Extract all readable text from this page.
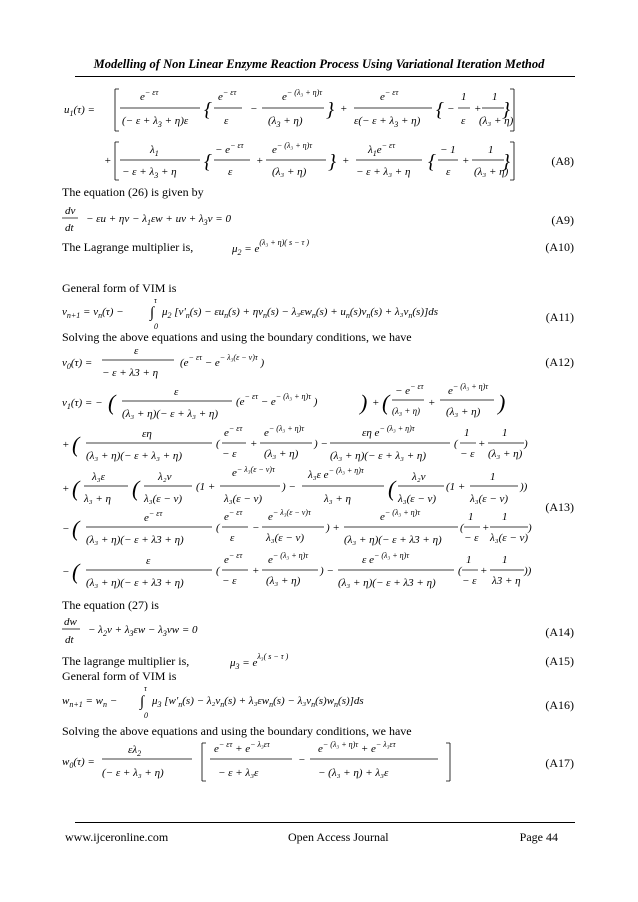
Modelling of Non Linear Enzyme Reaction Process Using Variational Iteration Method
$u_1(\tau)$ =
$e^{- \varepsilon\tau}$
(− $\varepsilon + \lambda_3 + \eta)\varepsilon$ {
$e^{- \varepsilon\tau}$
ε
−
$e^{- (\lambda_3 + \eta)\tau}$
$(\lambda_3 + \eta)$ } +
$e^{- \varepsilon\tau}$
$\varepsilon(- \varepsilon + \lambda_3 + \eta)$ { −
1
ε
+
1
(λ₃ + η)
}
+
$\lambda_1$
− $\varepsilon + \lambda_3 + \eta$ {
− $e^{- \varepsilon\tau}$
ε
+
$e^{- (\lambda_3 + \eta)\tau}$
(λ₃ + η) } +
$\lambda_1e^{- \varepsilon\tau}$
− ε + λ₃ + η {
− 1
ε
+
1
(λ₃ + η)
}	(A8)
The equation (26) is given by
dv
dt
− $\varepsilon u + \eta v - \lambda_1\varepsilon w$ + uv + $\lambda_3v = 0$	(A9)
The Lagrange multiplier is,	$\mu_2 = e^{(\lambda_3 + \eta)( s - \tau )}$	(A10)
General form of VIM is
$v_{n+1} = v_n(\tau)$ −
τ
∫
0
$\mu_2$ $[v'_n(s) - \varepsilon u_n(s) + \eta v_n(s) - \lambda_3\varepsilon w_n(s) + u_n(s)v_n(s) + \lambda_3v_n(s)]ds$	(A11)
Solving the above equations and using the boundary conditions, we have
$v_0(\tau)$ =
ε
− ε + λ3 + η
($e^{- \varepsilon\tau} - e^{- \lambda_3(\varepsilon - v)\tau}$ )	(A12)
$v_1(\tau)$ = − (	ε
(λ₃ + η)(− ε + λ₃ + η)
($e^{- \varepsilon\tau} - e^{- (\lambda_3 + \eta)\tau}$ ) ) + ( − $e^{- \varepsilon\tau}$
(λ₃ + η)
+
$e^{- (\lambda_3 + \eta)\tau}$
(λ₃ + η) )
+ (	εη
(λ₃ + η)(− ε + λ₃ + η)
(
$e^{- \varepsilon\tau}$
− ε
+
$e^{- (\lambda_3 + \eta)\tau}$
(λ₃ + η)
) −
εη $e^{- (\lambda_3 + \eta)\tau}$
(λ₃ + η)(− ε + λ₃ + η)
(
1
− ε
+
1
(λ₃ + η)
)
+ ( λ₃ε
λ₃ + η ( λ₂v
λ₃(ε − v)
(1 +
$e^{- \lambda_3(\varepsilon - v)\tau}$
λ₃(ε − v)
) −
λ₃ε $e^{- (\lambda_3 + \eta)\tau}$
λ₃ + η ( λ₂v
λ₃(ε − v)
(1 +
1
λ₃(ε − v)
))
(A13)
− (	$e^{- \varepsilon\tau}$
(λ₃ + η)(− ε + λ3 + η)
(
$e^{- \varepsilon\tau}$
ε
−
$e^{- \lambda_3(\varepsilon - v)\tau}$
λ₃(ε − v)
) +
$e^{- (\lambda_3 + \eta)\tau}$
(λ₃ + η)(− ε + λ3 + η)
(
1
− ε
+
1
λ₃(ε − v)
)
− (	ε
(λ₃ + η)(− ε + λ3 + η)
(
$e^{- \varepsilon\tau}$
− ε
+
$e^{- (\lambda_3 + \eta)\tau}$
(λ₃ + η)
) −
ε $e^{- (\lambda_3 + \eta)\tau}$
(λ₃ + η)(− ε + λ3 + η)
(
1
− ε
+
1
λ3 + η
))
The equation (27) is
dw
dt
− $\lambda_2v + \lambda_3\varepsilon w - \lambda_3vw = 0$	(A14)
The lagrange multiplier is,	$\mu_3 = e^{\lambda_3( s - \tau )}$	(A15)
General form of VIM is
$w_{n+1} = w_n$ −
τ
∫
0
$\mu_3$ $[w'_n(s) - \lambda_2v_n(s) + \lambda_3\varepsilon w_n(s) - \lambda_3v_n(s)w_n(s)]ds$	(A16)
Solving the above equations and using the boundary conditions, we have
$w_0(\tau)$ =
$\varepsilon\lambda_2$
(− ε + λ₃ + η)
$e^{- \varepsilon\tau} + e^{- \lambda_3\varepsilon\tau}$
− ε + λ₃ε
−
$e^{- (\lambda_3 + \eta)\tau} + e^{- \lambda_3\varepsilon\tau}$
− (λ₃ + η) + λ₃ε
(A17)
www.ijceronline.com	Open Access Journal	Page 44
